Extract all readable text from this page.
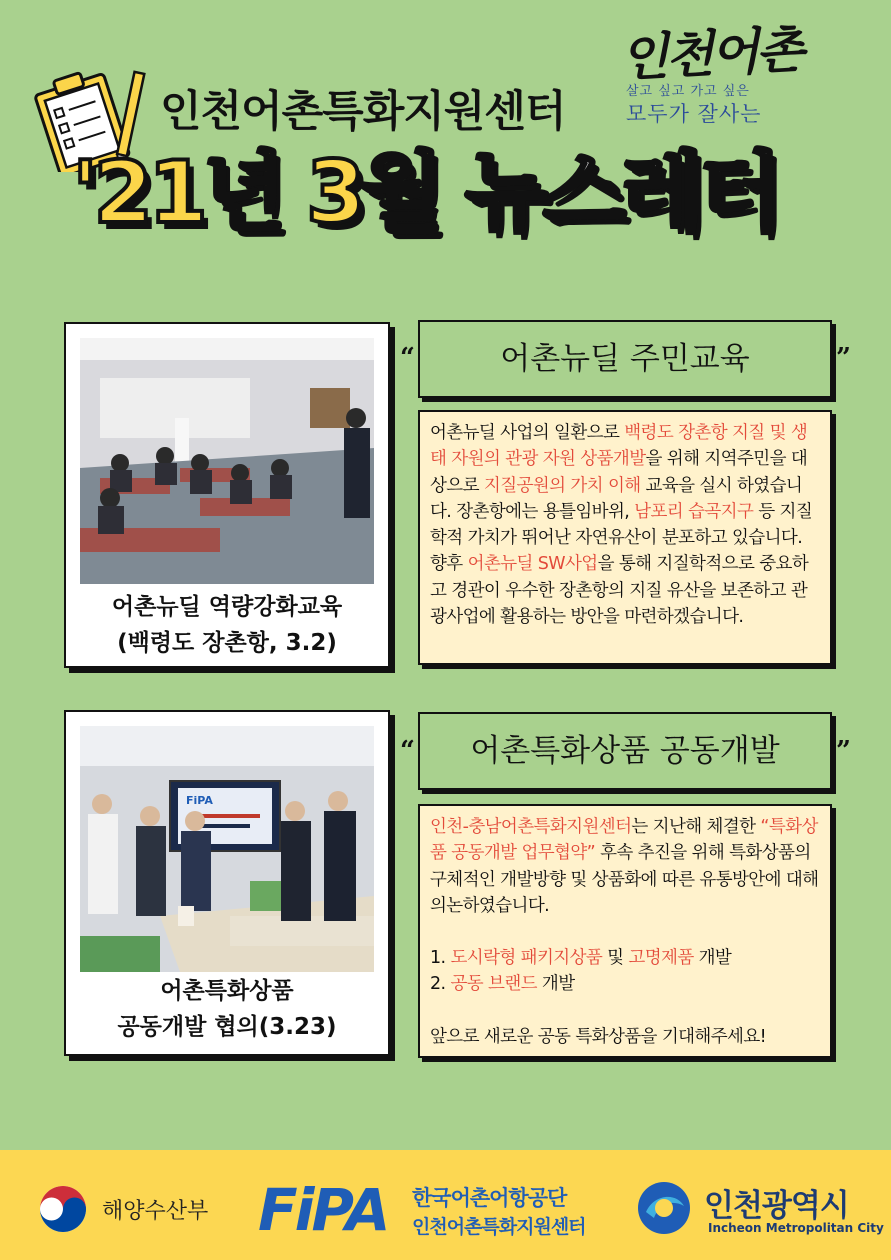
인천어촌특화지원센터
인천어촌
살고 싶고 가고 싶은
모두가 잘사는
'21년 3월 뉴스레터
어촌뉴딜 역량강화교육
(백령도 장촌항, 3.2)
“	어촌뉴딜 주민교육	”
어촌뉴딜 사업의 일환으로 백령도 장촌항 지질 및 생태 자원의 관광 자원 상품개발을 위해 지역주민을 대상으로 지질공원의 가치 이해 교육을 실시 하였습니다. 장촌항에는 용틀임바위, 남포리 습곡지구 등 지질학적 가치가 뛰어난 자연유산이 분포하고 있습니다. 향후 어촌뉴딜 SW사업을 통해 지질학적으로 중요하고 경관이 우수한 장촌항의 지질 유산을 보존하고 관광사업에 활용하는 방안을 마련하겠습니다.
FiPA
어촌특화상품
공동개발 협의(3.23)
“	어촌특화상품 공동개발	”
인천-충남어촌특화지원센터는 지난해 체결한 “특화상품 공동개발 업무협약” 후속 추진을 위해 특화상품의 구체적인 개발방향 및 상품화에 따른 유통방안에 대해 의논하였습니다.
1. 도시락형 패키지상품 및 고명제품 개발
2. 공동 브랜드 개발
앞으로 새로운 공동 특화상품을 기대해주세요!
해양수산부 FiPA 한국어촌어항공단
인천어촌특화지원센터
인천광역시
Incheon Metropolitan City
